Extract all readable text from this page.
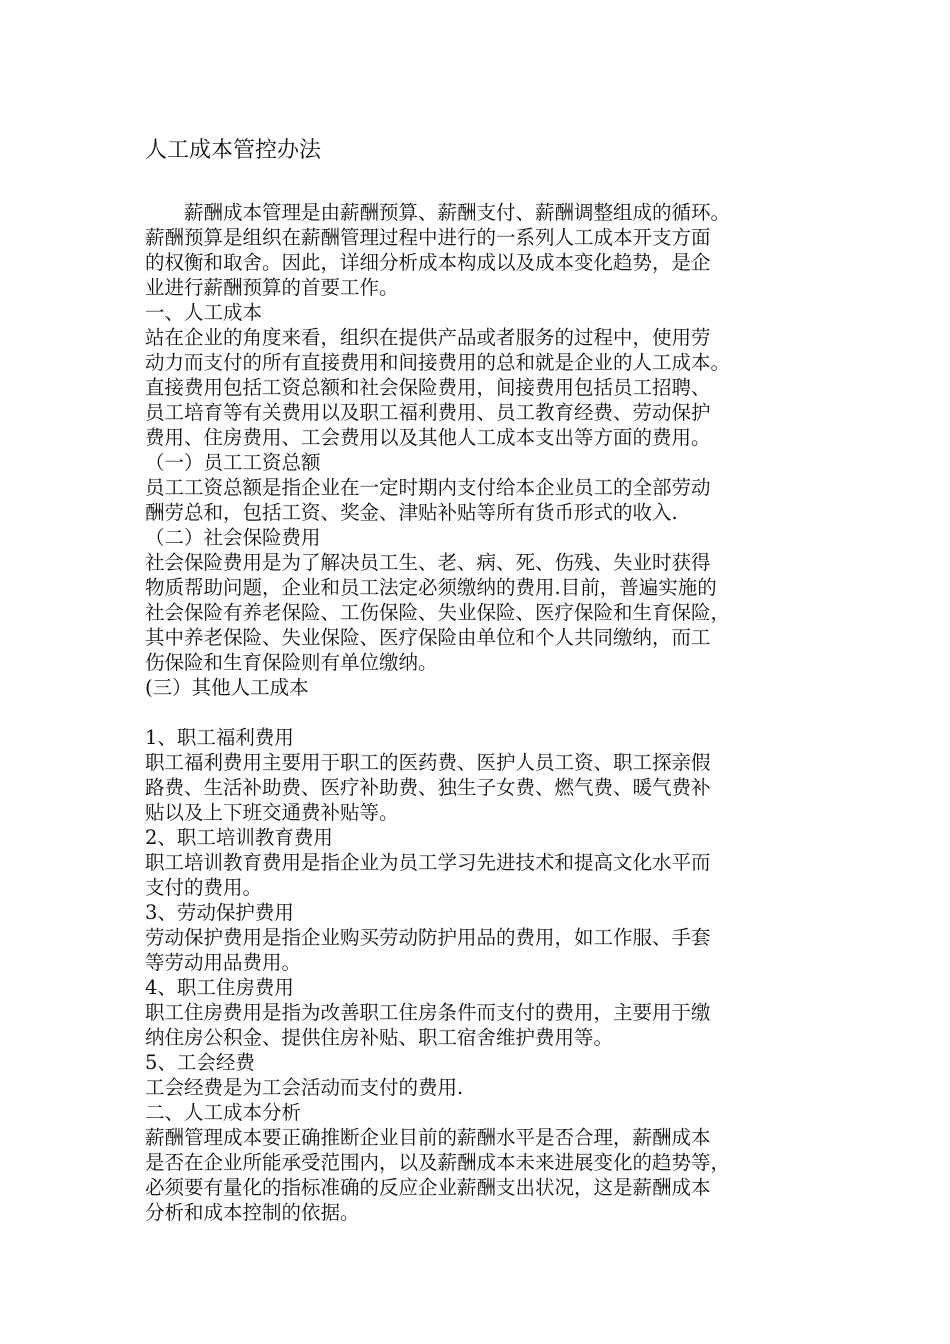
人工成本管控办法
　　薪酬成本管理是由薪酬预算、薪酬支付、薪酬调整组成的循环。
薪酬预算是组织在薪酬管理过程中进行的一系列人工成本开支方面
的权衡和取舍。因此，详细分析成本构成以及成本变化趋势，是企
业进行薪酬预算的首要工作。
一、人工成本
站在企业的角度来看，组织在提供产品或者服务的过程中，使用劳
动力而支付的所有直接费用和间接费用的总和就是企业的人工成本。
直接费用包括工资总额和社会保险费用，间接费用包括员工招聘、
员工培育等有关费用以及职工福利费用、员工教育经费、劳动保护
费用、住房费用、工会费用以及其他人工成本支出等方面的费用。
（一）员工工资总额
员工工资总额是指企业在一定时期内支付给本企业员工的全部劳动
酬劳总和，包括工资、奖金、津贴补贴等所有货币形式的收入.
（二）社会保险费用
社会保险费用是为了解决员工生、老、病、死、伤残、失业时获得
物质帮助问题，企业和员工法定必须缴纳的费用.目前，普遍实施的
社会保险有养老保险、工伤保险、失业保险、医疗保险和生育保险，
其中养老保险、失业保险、医疗保险由单位和个人共同缴纳，而工
伤保险和生育保险则有单位缴纳。
(三）其他人工成本
1、职工福利费用
职工福利费用主要用于职工的医药费、医护人员工资、职工探亲假
路费、生活补助费、医疗补助费、独生子女费、燃气费、暖气费补
贴以及上下班交通费补贴等。
2、职工培训教育费用
职工培训教育费用是指企业为员工学习先进技术和提高文化水平而
支付的费用。
3、劳动保护费用
劳动保护费用是指企业购买劳动防护用品的费用，如工作服、手套
等劳动用品费用。
4、职工住房费用
职工住房费用是指为改善职工住房条件而支付的费用，主要用于缴
纳住房公积金、提供住房补贴、职工宿舍维护费用等。
5、工会经费
工会经费是为工会活动而支付的费用.
二、人工成本分析
薪酬管理成本要正确推断企业目前的薪酬水平是否合理，薪酬成本
是否在企业所能承受范围内，以及薪酬成本未来进展变化的趋势等，
必须要有量化的指标准确的反应企业薪酬支出状况，这是薪酬成本
分析和成本控制的依据。
